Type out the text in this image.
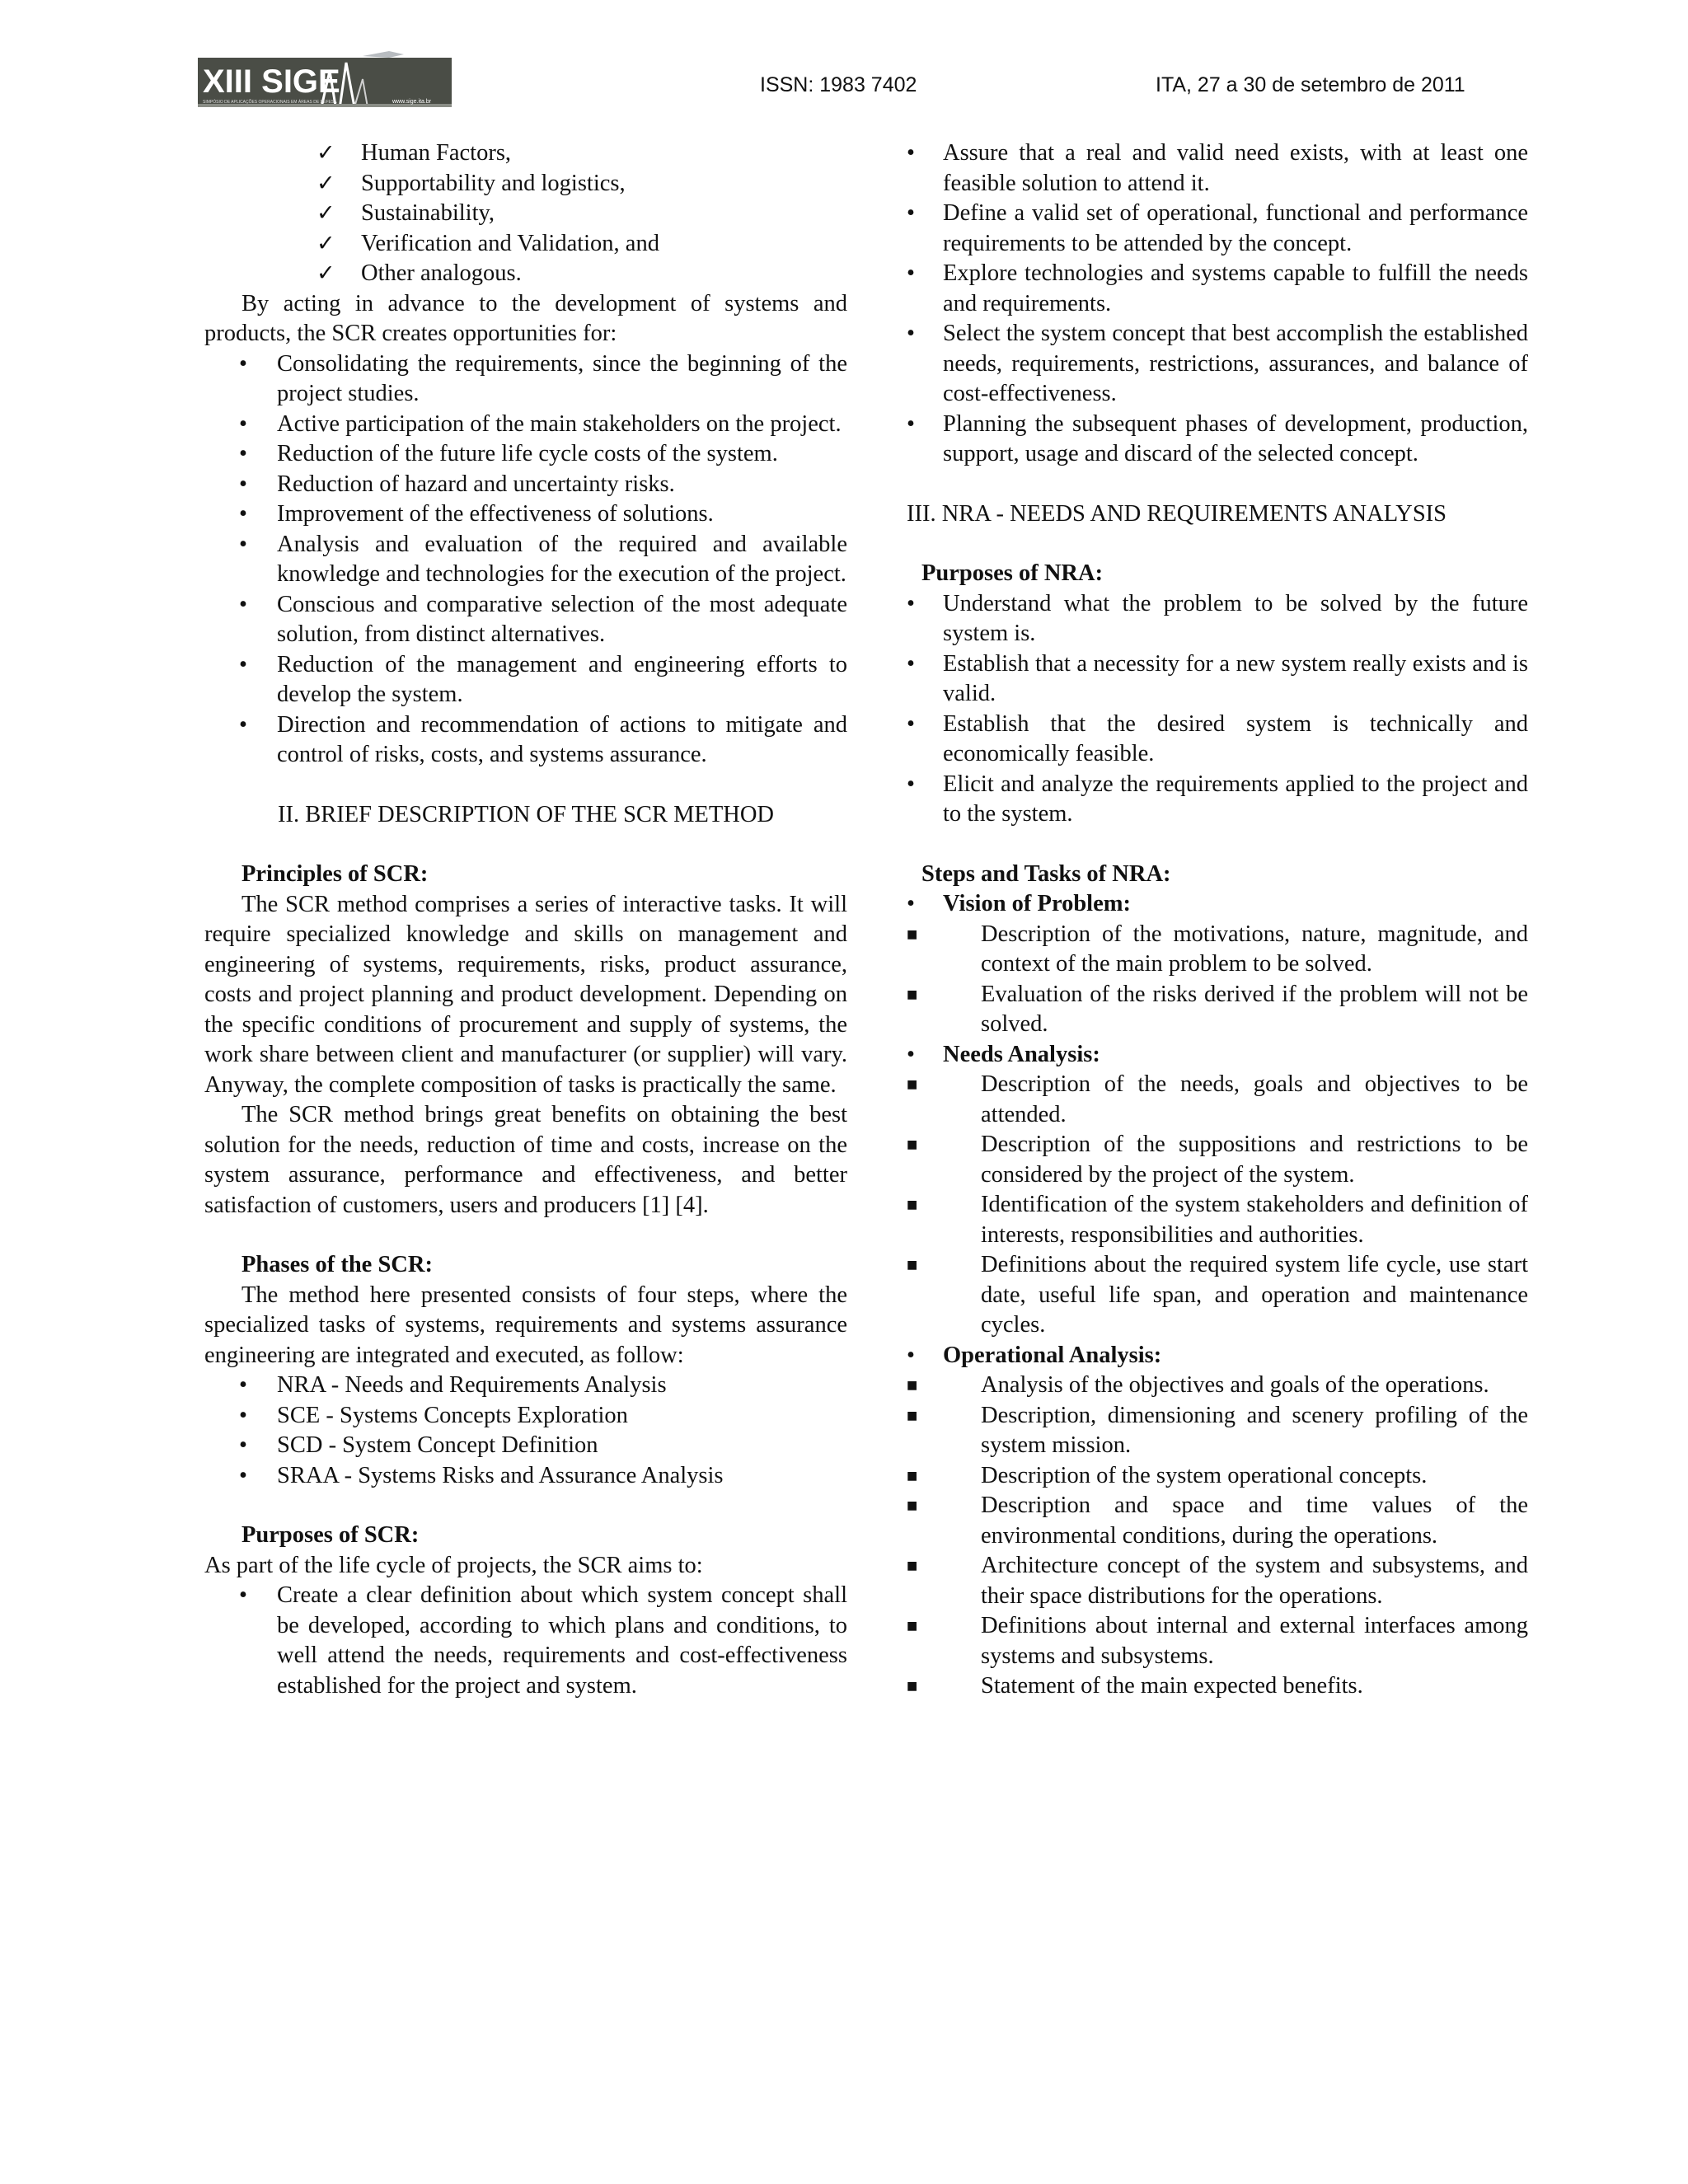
XIII SIGE
SIMPÓSIO DE APLICAÇÕES OPERACIONAIS EM ÁREAS DE DEFESA	www.sige.ita.br
ISSN: 1983 7402	ITA, 27 a 30 de setembro de 2011
✓ Human Factors,
✓ Supportability and logistics,
✓ Sustainability,
✓ Verification and Validation, and
✓ Other analogous.

By acting in advance to the development of systems and products, the SCR creates opportunities for:

• Consolidating the requirements, since the beginning of the project studies.
• Active participation of the main stakeholders on the project.
• Reduction of the future life cycle costs of the system.
• Reduction of hazard and uncertainty risks.
• Improvement of the effectiveness of solutions.
• Analysis and evaluation of the required and available knowledge and technologies for the execution of the project.
• Conscious and comparative selection of the most adequate solution, from distinct alternatives.
• Reduction of the management and engineering efforts to develop the system.
• Direction and recommendation of actions to mitigate and control of risks, costs, and systems assurance.
II. BRIEF DESCRIPTION OF THE SCR METHOD

Principles of SCR:

The SCR method comprises a series of interactive tasks. It will require specialized knowledge and skills on management and engineering of systems, requirements, risks, product assurance, costs and project planning and product development. Depending on the specific conditions of procurement and supply of systems, the work share between client and manufacturer (or supplier) will vary. Anyway, the complete composition of tasks is practically the same.

The SCR method brings great benefits on obtaining the best solution for the needs, reduction of time and costs, increase on the system assurance, performance and effectiveness, and better satisfaction of customers, users and producers [1] [4].

Phases of the SCR:

The method here presented consists of four steps, where the specialized tasks of systems, requirements and systems assurance engineering are integrated and executed, as follow:

• NRA - Needs and Requirements Analysis
• SCE - Systems Concepts Exploration
• SCD - System Concept Definition
• SRAA - Systems Risks and Assurance Analysis

Purposes of SCR:

As part of the life cycle of projects, the SCR aims to:

• Create a clear definition about which system concept shall be developed, according to which plans and conditions, to well attend the needs, requirements and cost-effectiveness established for the project and system.
• Assure that a real and valid need exists, with at least one feasible solution to attend it.
• Define a valid set of operational, functional and performance requirements to be attended by the concept.
• Explore technologies and systems capable to fulfill the needs and requirements.
• Select the system concept that best accomplish the established needs, requirements, restrictions, assurances, and balance of cost-effectiveness.
• Planning the subsequent phases of development, production, support, usage and discard of the selected concept.
III. NRA - NEEDS AND REQUIREMENTS ANALYSIS

Purposes of NRA:

• Understand what the problem to be solved by the future system is.
• Establish that a necessity for a new system really exists and is valid.
• Establish that the desired system is technically and economically feasible.
• Elicit and analyze the requirements applied to the project and to the system.

Steps and Tasks of NRA:

• Vision of Problem:
■	Description of the motivations, nature, magnitude, and context of the main problem to be solved.
■	Evaluation of the risks derived if the problem will not be solved.
• Needs Analysis:
■	Description of the needs, goals and objectives to be attended.
■	Description of the suppositions and restrictions to be considered by the project of the system.
■	Identification of the system stakeholders and definition of interests, responsibilities and authorities.
■	Definitions about the required system life cycle, use start date, useful life span, and operation and maintenance cycles.
• Operational Analysis:
■	Analysis of the objectives and goals of the operations.
■	Description, dimensioning and scenery profiling of the system mission.
■	Description of the system operational concepts.
■	Description and space and time values of the environmental conditions, during the operations.
■	Architecture concept of the system and subsystems, and their space distributions for the operations.
■	Definitions about internal and external interfaces among systems and subsystems.
■	Statement of the main expected benefits.
